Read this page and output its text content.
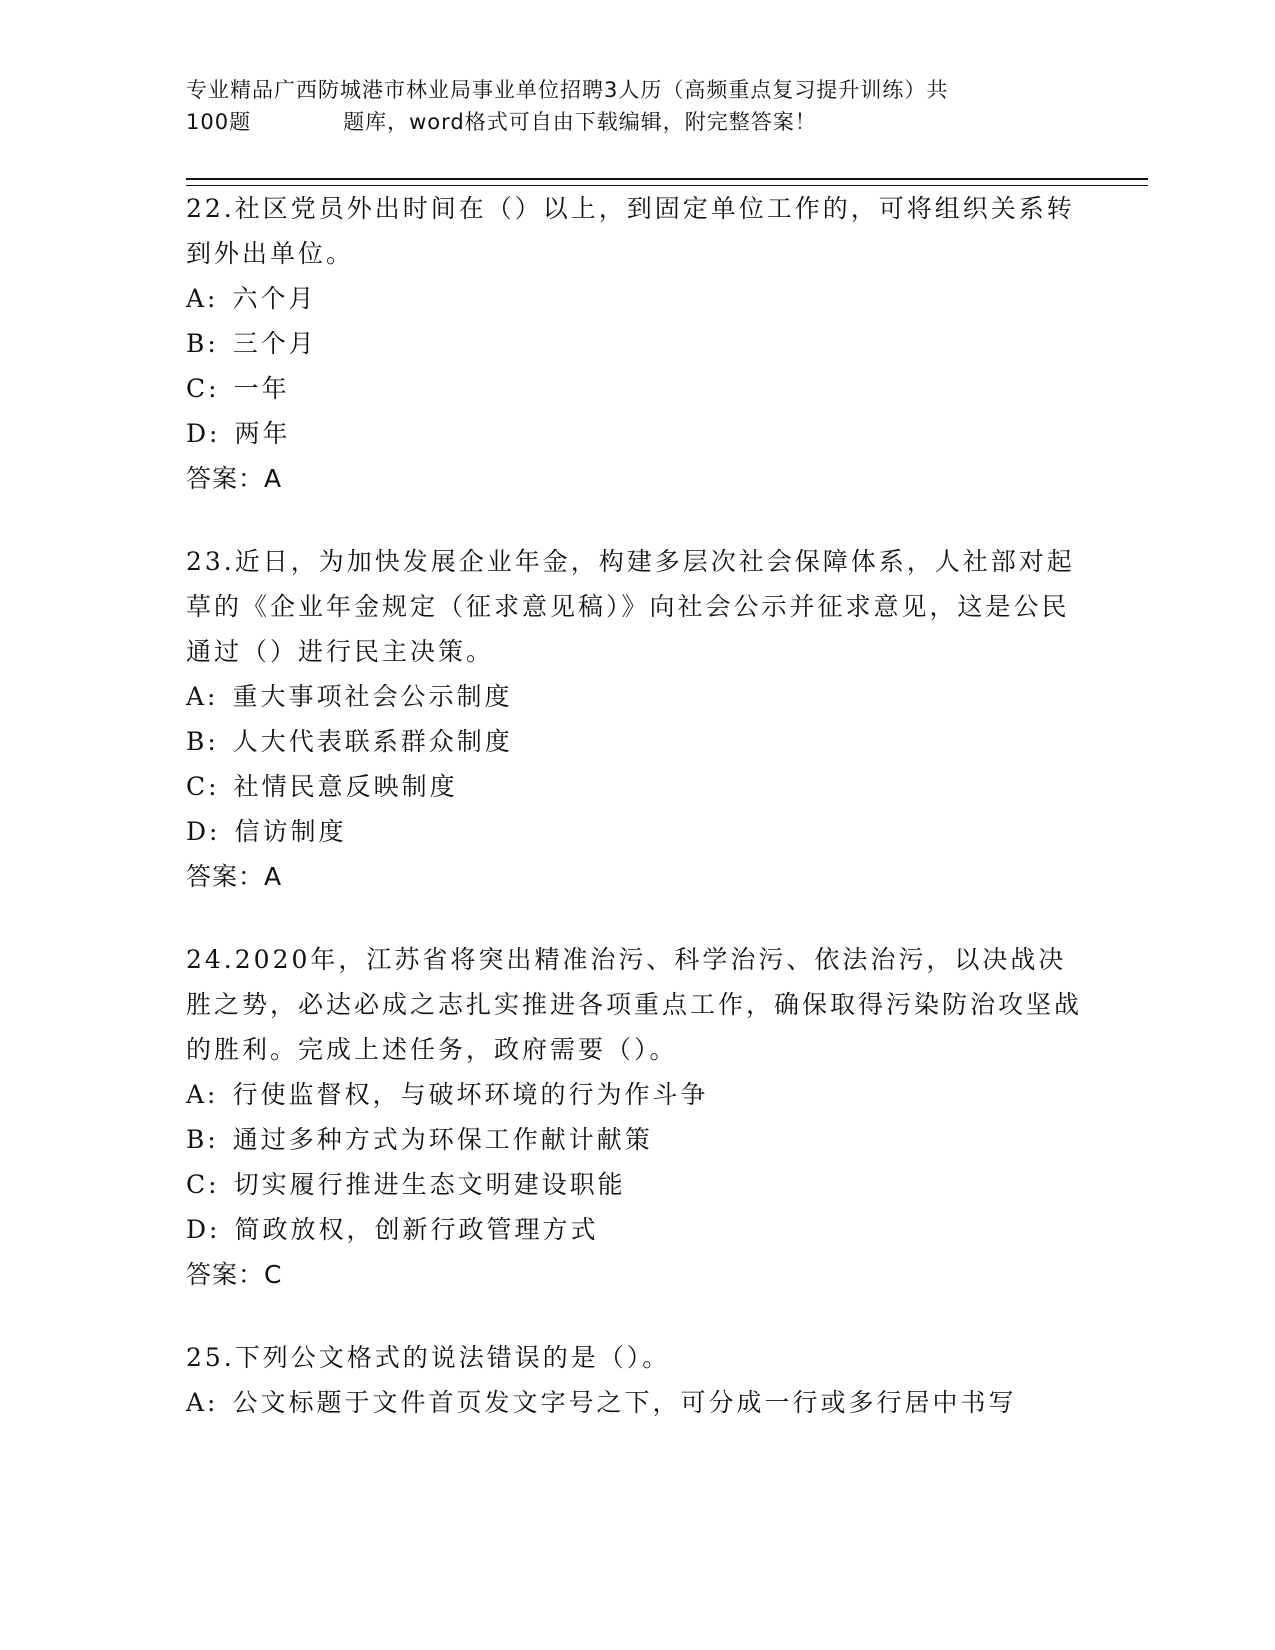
专业精品广西防城港市林业局事业单位招聘3人历（高频重点复习提升训练）共
100题	题库，word格式可自由下载编辑，附完整答案！

22.社区党员外出时间在（）以上，到固定单位工作的，可将组织关系转到外出单位。

A: 六个月

B: 三个月

C: 一年

D: 两年

答案：A

23.近日，为加快发展企业年金，构建多层次社会保障体系，人社部对起草的《企业年金规定（征求意见稿）》向社会公示并征求意见，这是公民通过（）进行民主决策。

A: 重大事项社会公示制度

B: 人大代表联系群众制度

C: 社情民意反映制度

D: 信访制度

答案：A

24.2020年，江苏省将突出精准治污、科学治污、依法治污，以决战决胜之势，必达必成之志扎实推进各项重点工作，确保取得污染防治攻坚战的胜利。完成上述任务，政府需要（）。

A: 行使监督权，与破坏环境的行为作斗争

B: 通过多种方式为环保工作献计献策

C: 切实履行推进生态文明建设职能

D: 简政放权，创新行政管理方式

答案：C

25.下列公文格式的说法错误的是（）。

A: 公文标题于文件首页发文字号之下，可分成一行或多行居中书写
